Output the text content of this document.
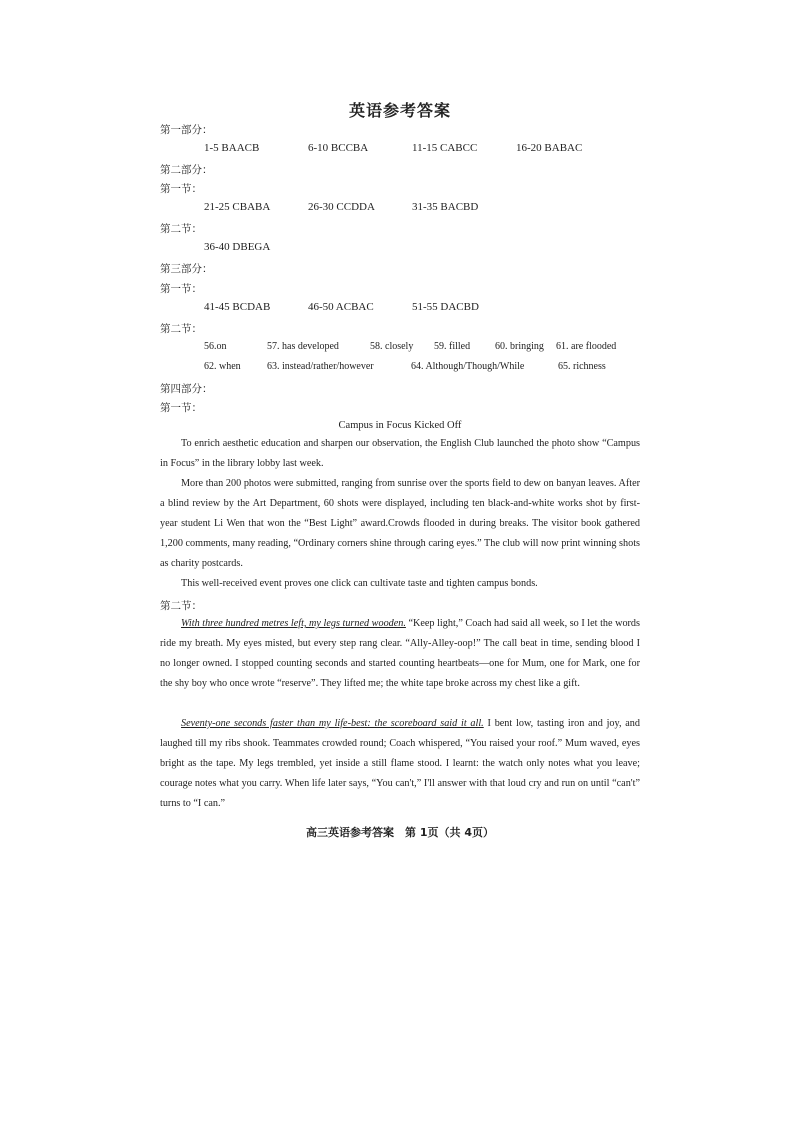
英语参考答案
第一部分：
1-5 BAACB	6-10 BCCBA	11-15 CABCC	16-20 BABAC
第二部分：
第一节：
21-25 CBABA	26-30 CCDDA	31-35 BACBD
第二节：
36-40 DBEGA
第三部分：
第一节：
41-45 BCDAB	46-50 ACBAC	51-55 DACBD
第二节：
56.on	57. has developed	58. closely 59. filled 60. bringing 61. are flooded
62. when	63. instead/rather/however	64. Although/Though/While	65. richness
第四部分：
第一节：
Campus in Focus Kicked Off
To enrich aesthetic education and sharpen our observation, the English Club launched the photo show “Campus in Focus” in the library lobby last week.
More than 200 photos were submitted, ranging from sunrise over the sports field to dew on banyan leaves. After a blind review by the Art Department, 60 shots were displayed, including ten black-and-white works shot by first-year student Li Wen that won the “Best Light” award.Crowds flooded in during breaks. The visitor book gathered 1,200 comments, many reading, “Ordinary corners shine through caring eyes.” The club will now print winning shots as charity postcards.
This well-received event proves one click can cultivate taste and tighten campus bonds.
第二节：
With three hundred metres left, my legs turned wooden. “Keep light,” Coach had said all week, so I let the words ride my breath. My eyes misted, but every step rang clear. “Ally-Alley-oop!” The call beat in time, sending blood I no longer owned. I stopped counting seconds and started counting heartbeats—one for Mum, one for Mark, one for the shy boy who once wrote “reserve”. They lifted me; the white tape broke across my chest like a gift.
Seventy-one seconds faster than my life-best: the scoreboard said it all. I bent low, tasting iron and joy, and laughed till my ribs shook. Teammates crowded round; Coach whispered, “You raised your roof.” Mum waved, eyes bright as the tape. My legs trembled, yet inside a still flame stood. I learnt: the watch only notes what you leave; courage notes what you carry. When life later says, “You can't,” I'll answer with that loud cry and run on until “can't” turns to “I can.”
高三英语参考答案　第 1页（共 4页）
